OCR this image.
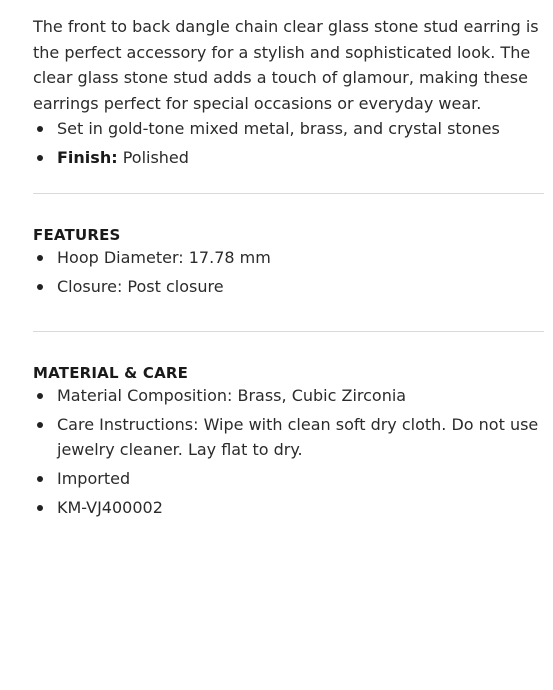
The front to back dangle chain clear glass stone stud earring is the perfect accessory for a stylish and sophisticated look. The clear glass stone stud adds a touch of glamour, making these earrings perfect for special occasions or everyday wear.

Set in gold-tone mixed metal, brass, and crystal stones
Finish: Polished
FEATURES
Hoop Diameter: 17.78 mm
Closure: Post closure
MATERIAL & CARE
Material Composition: Brass, Cubic Zirconia
Care Instructions: Wipe with clean soft dry cloth. Do not use jewelry cleaner. Lay flat to dry.
Imported
KM-VJ400002
